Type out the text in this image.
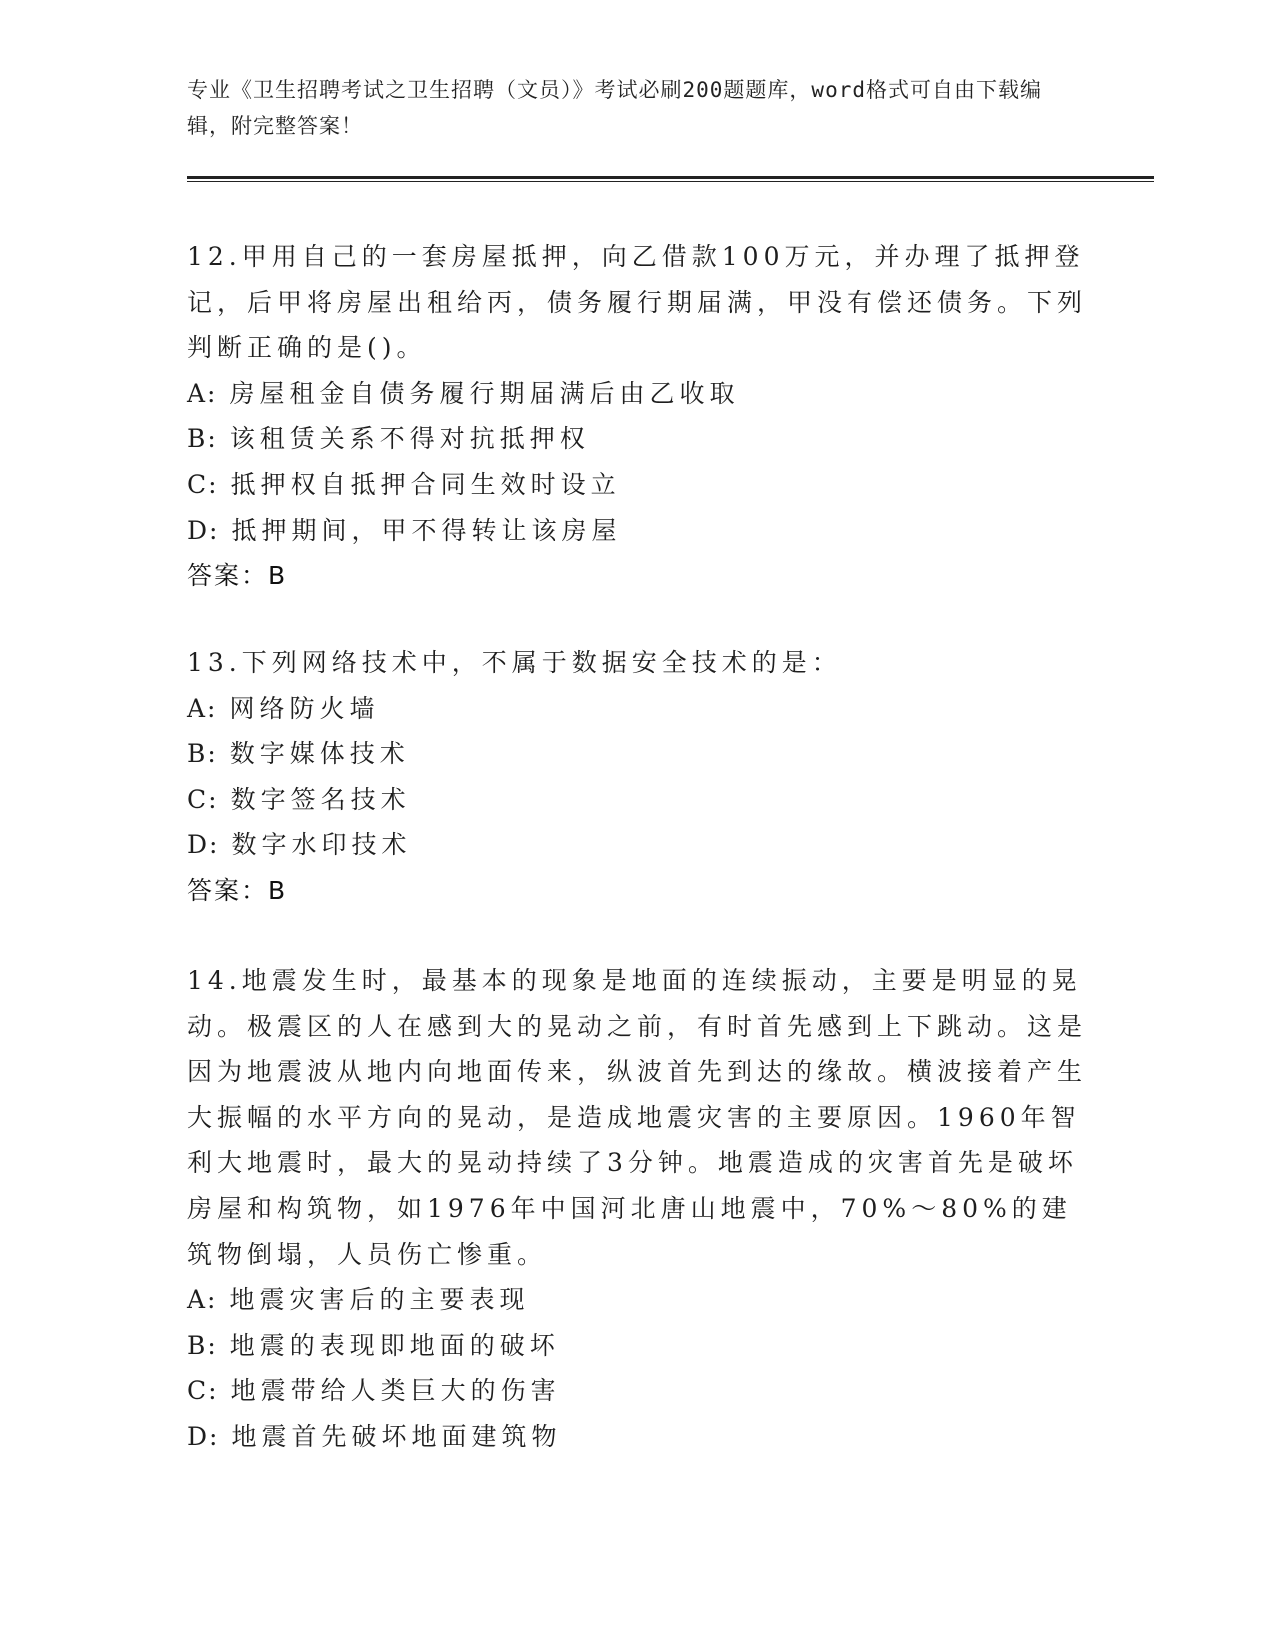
专业《卫生招聘考试之卫生招聘（文员）》考试必刷200题题库，word格式可自由下载编辑，附完整答案！

12.甲用自己的一套房屋抵押，向乙借款100万元，并办理了抵押登记，后甲将房屋出租给丙，债务履行期届满，甲没有偿还债务。下列判断正确的是()。

A: 房屋租金自债务履行期届满后由乙收取
B: 该租赁关系不得对抗抵押权
C: 抵押权自抵押合同生效时设立
D: 抵押期间，甲不得转让该房屋
答案：B

13.下列网络技术中，不属于数据安全技术的是：

A: 网络防火墙
B: 数字媒体技术
C: 数字签名技术
D: 数字水印技术
答案：B

14.地震发生时，最基本的现象是地面的连续振动，主要是明显的晃动。极震区的人在感到大的晃动之前，有时首先感到上下跳动。这是因为地震波从地内向地面传来，纵波首先到达的缘故。横波接着产生大振幅的水平方向的晃动，是造成地震灾害的主要原因。1960年智利大地震时，最大的晃动持续了3分钟。地震造成的灾害首先是破坏房屋和构筑物，如1976年中国河北唐山地震中，70%～80%的建筑物倒塌，人员伤亡惨重。

A: 地震灾害后的主要表现
B: 地震的表现即地面的破坏
C: 地震带给人类巨大的伤害
D: 地震首先破坏地面建筑物
